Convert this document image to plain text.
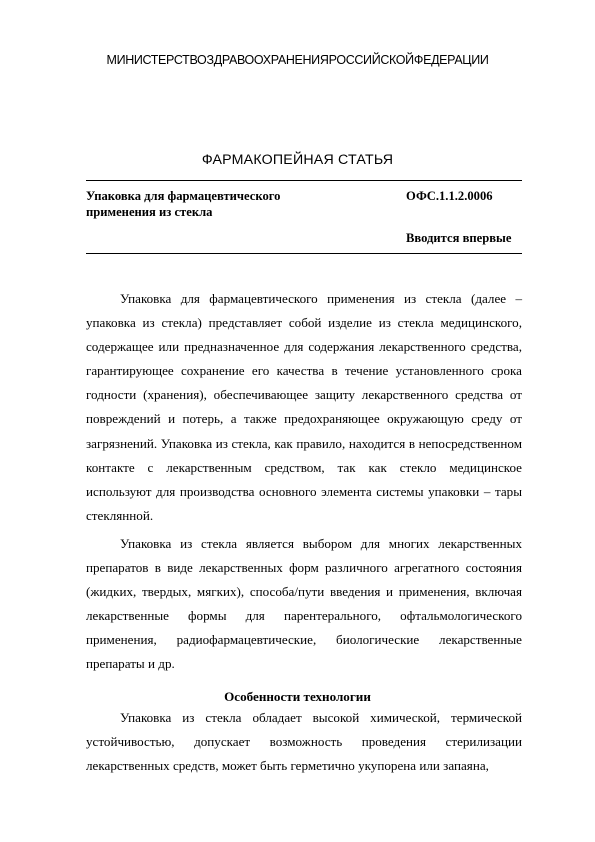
МИНИСТЕРСТВО ЗДРАВООХРАНЕНИЯ РОССИЙСКОЙ ФЕДЕРАЦИИ
ФАРМАКОПЕЙНАЯ СТАТЬЯ
Упаковка для фармацевтического применения из стекла
ОФС.1.1.2.0006
Вводится впервые

Упаковка для фармацевтического применения из стекла (далее – упаковка из стекла) представляет собой изделие из стекла медицинского, содержащее или предназначенное для содержания лекарственного средства, гарантирующее сохранение его качества в течение установленного срока годности (хранения), обеспечивающее защиту лекарственного средства от повреждений и потерь, а также предохраняющее окружающую среду от загрязнений. Упаковка из стекла, как правило, находится в непосредственном контакте с лекарственным средством, так как стекло медицинское используют для производства основного элемента системы упаковки – тары стеклянной.

Упаковка из стекла является выбором для многих лекарственных препаратов в виде лекарственных форм различного агрегатного состояния (жидких, твердых, мягких), способа/пути введения и применения, включая лекарственные формы для парентерального, офтальмологического применения, радиофармацевтические, биологические лекарственные препараты и др.

Особенности технологии

Упаковка из стекла обладает высокой химической, термической устойчивостью, допускает возможность проведения стерилизации лекарственных средств, может быть герметично укупорена или запаяна,
